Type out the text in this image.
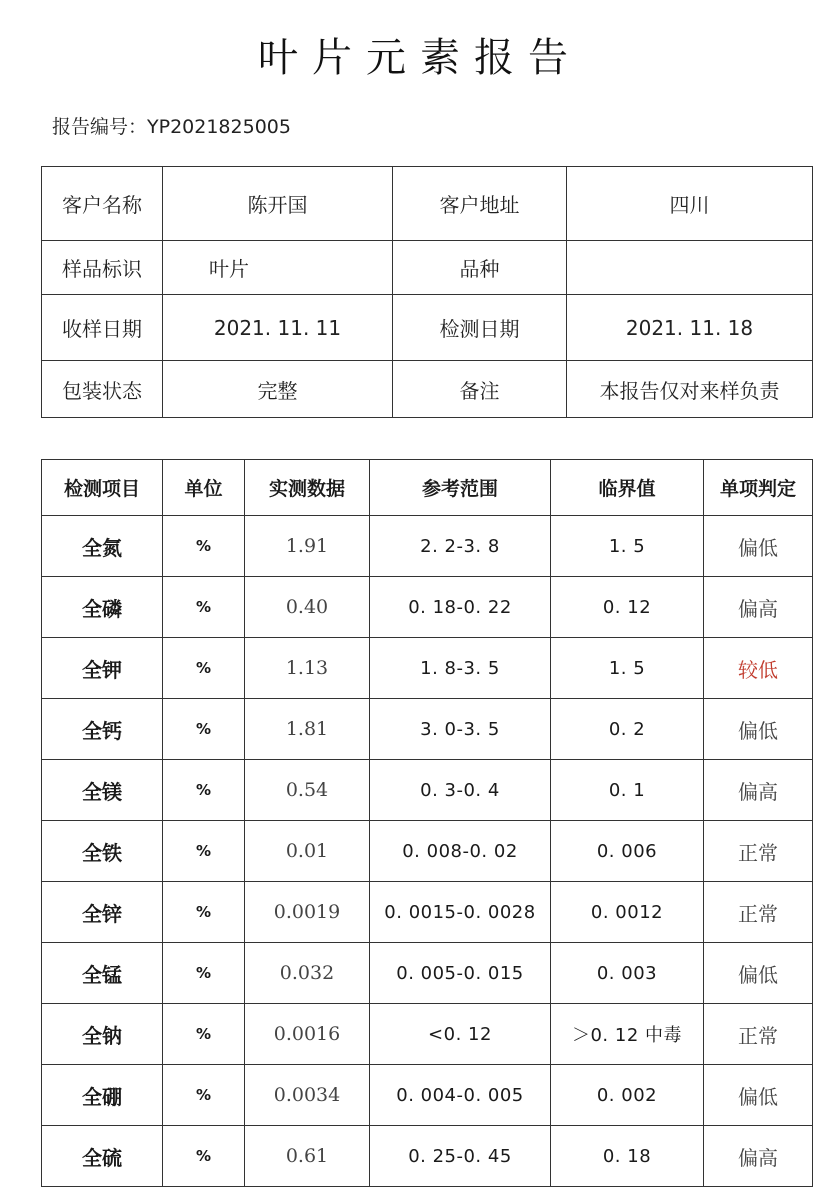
叶片元素报告
报告编号：YP2021825005
客户名称	陈开国	客户地址	四川
样品标识	叶片	品种	
收样日期	2021. 11. 11	检测日期	2021. 11. 18
包装状态	完整	备注	本报告仅对来样负责
检测项目	单位	实测数据	参考范围	临界值	单项判定
全氮	%	1.91	2. 2-3. 8	1. 5	偏低
全磷	%	0.40	0. 18-0. 22	0. 12	偏高
全钾	%	1.13	1. 8-3. 5	1. 5	较低
全钙	%	1.81	3. 0-3. 5	0. 2	偏低
全镁	%	0.54	0. 3-0. 4	0. 1	偏高
全铁	%	0.01	0. 008-0. 02	0. 006	正常
全锌	%	0.0019	0. 0015-0. 0028	0. 0012	正常
全锰	%	0.032	0. 005-0. 015	0. 003	偏低
全钠	%	0.0016	<0. 12	＞0. 12 中毒	正常
全硼	%	0.0034	0. 004-0. 005	0. 002	偏低
全硫	%	0.61	0. 25-0. 45	0. 18	偏高
